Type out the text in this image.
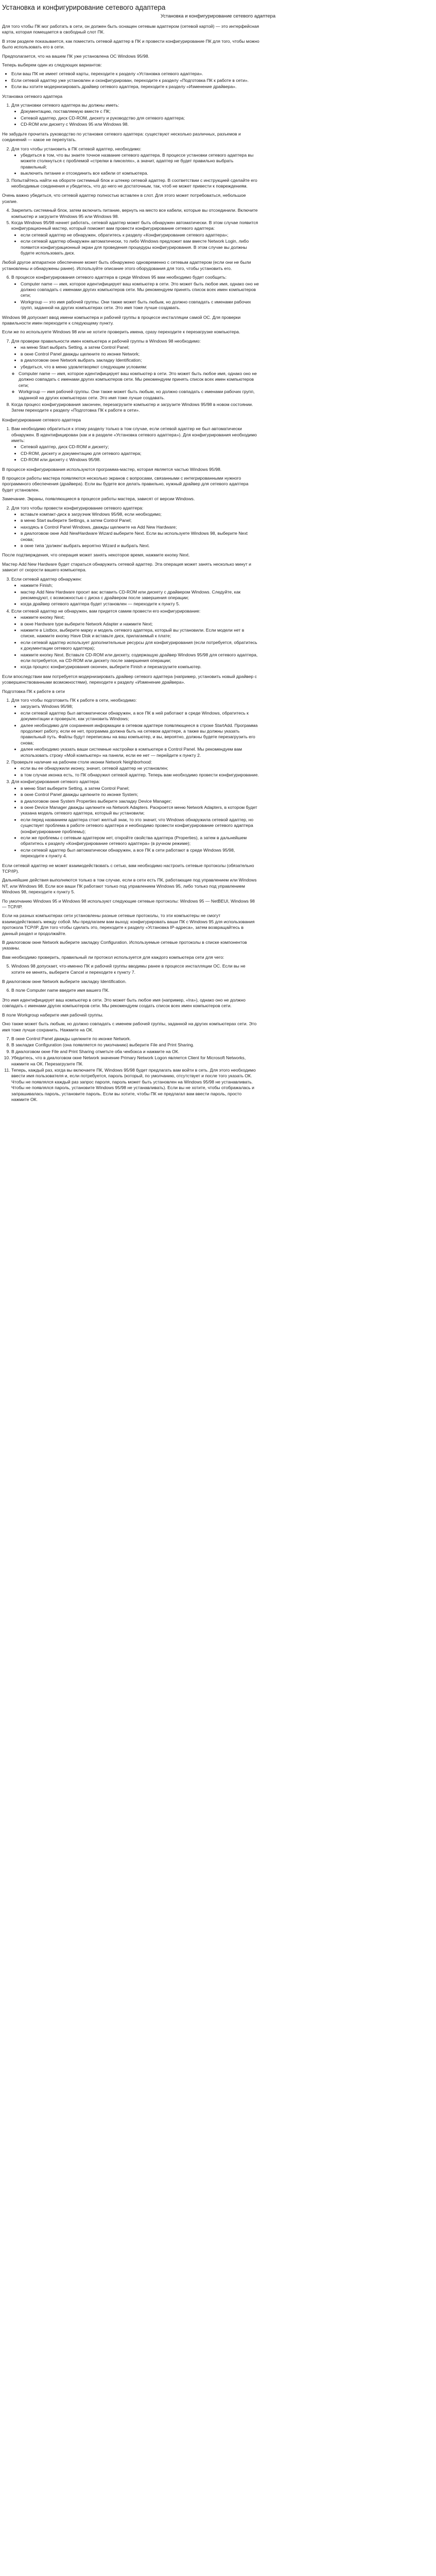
Установка и конфигурирование сетевого адаптера
Установка и конфигурирование сетевого адаптера
Для того чтобы ПК мог работать в сети, он должен быть оснащен сетевым адаптером (сетевой картой) — это интерфейсная карта, которая помещается в свободный слот ПК.
В этом разделе показывается, как поместить сетевой адаптер в ПК и провести конфигурирование ПК для того, чтобы можно было использовать его в сети.
Предполагается, что на вашем ПК уже установлена ОС Windows 95/98.
Теперь выберем один из следующих вариантов:
• Если ваш ПК не имеет сетевой карты, переходите к разделу «Установка сетевого адаптера».
• Если сетевой адаптер уже установлен и сконфигурирован, переходите к разделу «Подготовка ПК к работе в сети».
• Если вы хотите модернизировать драйвер сетевого адаптера, переходите к разделу «Изменение драйвера».
Установка сетевого адаптера
1. Для установки сетевого адаптера вы должны иметь:
• Документацию, поставляемую вместе с ПК;
• Сетевой адаптер, диск CD-ROM, дискету и руководство для сетевого адаптера;
• CD-ROM или дискету с Windows 95 или Windows 98.
Не забудьте прочитать руководство по установке сетевого адаптера: существуют несколько различных, разъемов и соединений — какое не перепутать.
2. Для того чтобы установить в ПК сетевой адаптер, необходимо:
• убедиться в том, что вы знаете точное название сетевого адаптера. В процессе установки сетевого адаптера вы можете столкнуться с проблемой «стрелки в пикселях», а значит, адаптер не будет правильно выбрать правильный;
• выключить питание и отсоединить все кабели от компьютера.
3. Попытайтесь найти на обороте системный блок и штекер сетевой адаптер. В соответствии с инструкцией сделайте его необходимые соединения и убедитесь, что до него не достаточным, так, чтоб не может привести к повреждениям.
Очень важно убедиться, что сетевой адаптер полностью вставлен в слот. Для этого может потребоваться, небольшое усилие.
4. Закрепить системный блок, затем включить питание, вернуть на место все кабели, которые вы отсоединили. Включите компьютер и загрузите Windows 95 или Windows 98.
5. Когда Windows 95/98 начнет работать, сетевой адаптер может быть обнаружен автоматически. В этом случае появится конфигурационный мастер, который поможет вам провести конфигурирование сетевого адаптера:
• если сетевой адаптер не обнаружен, обратитесь к разделу «Конфигурирование сетевого адаптера»;
• если сетевой адаптер обнаружен автоматически, то либо Windows предложит вам вместе Network Login, либо появится конфигурационный экран для проведения процедуры конфигурирования. В этом случае вы должны будете использовать диск.
Любой другое аппаратное обеспечение может быть обнаружено одновременно с сетевым адаптером (если они не были установлены и обнаружены ранее). Используйте описание этого оборудования для того, чтобы установить его.
6. В процессе конфигурирования сетевого адаптера в среде Windows 95 вам необходимо будет сообщить:
• Computer name — имя, которое идентифицирует ваш компьютер в сети. Это может быть любое имя, однако оно не должно совпадать с именами других компьютеров сети. Мы рекомендуем принять список всех имен компьютеров сети;
• Workgroup — это имя рабочей группы. Они также может быть любым, но должно совпадать с именами рабочих групп, заданной на других компьютерах сети. Это имя тоже лучше создавать.
Windows 98 допускает ввод имени компьютера и рабочей группы в процессе инсталляции самой ОС. Для проверки правильности имен переходите к следующему пункту.
Если же по используете Windows 98 или не хотите проверить имена, сразу переходите к перезагрузке компьютера.
7. Для проверки правильности имен компьютера и рабочей группы в Windows 98 необходимо:
• на меню Start выбрать Setting, а затем Control Panel;
• в окне Control Panel дважды щелкните по иконке Network;
• в диалоговом окне Network выбрать закладку Identification;
• убедиться, что в меню удовлетворяют следующим условиям:
◦ Computer name — имя, которое идентифицирует ваш компьютер в сети. Это может быть любое имя, однако оно не должно совпадать с именами других компьютеров сети. Мы рекомендуем принять список всех имен компьютеров сети;
◦ Workgroup — имя рабочей группы. Они также может быть любым, но должно совпадать с именами рабочих групп, заданной на других компьютерах сети. Это имя тоже лучше создавать.
8. Когда процесс конфигурирования закончен, перезагрузите компьютер и загрузите Windows 95/98 в новом состоянии. Затем переходите к разделу «Подготовка ПК к работе в сети».
Конфигурирование сетевого адаптера
1. Вам необходимо обратиться к этому разделу только в том случае, если сетевой адаптер не был автоматически обнаружен. В идентифицирован (как и в разделе «Установка сетевого адаптера»). Для конфигурирования необходимо иметь:
• Сетевой адаптер, диск CD-ROM и дискету;
• CD-ROM, дискету и документацию для сетевого адаптера;
• CD-ROM или дискету с Windows 95/98.
В процессе конфигурирования используются программа-мастер, которая является частью Windows 95/98.
В процессе работы мастера появляются несколько экранов с вопросами, связанными с интегрированными нужного программного обеспечения (драйвера). Если вы будете все делать правильно, нужный драйвер для сетевого адаптера будет установлен.
Замечание. Экраны, появляющиеся в процессе работы мастера, зависят от версии Windows.
2. Для того чтобы провести конфигурирование сетевого адаптера:
• вставьте компакт-диск в загрузчик Windows 95/98, если необходимо;
• в меню Start выберите Settings, а затем Control Panel;
• находясь в Control Panel Windows, дважды щелкните на Add New Hardware;
• в диалоговом окне Add NewHardware Wizard выберите Next. Если вы используете Windows 98, выберите Next снова;
• в окне типа 'должен' выбрать вероятно Wizard и выбрать Next.
После подтверждения, что операция может занять некоторое время, нажмите кнопку Next.
Мастер Add New Hardware будет стараться обнаружить сетевой адаптер. Эта операция может занять несколько минут и зависит от скорости вашего компьютера.
3. Если сетевой адаптер обнаружен:
• нажмите Finish;
• мастер Add New Hardware просит вас вставить CD-ROM или дискету с драйвером Windows. Следуйте, как рекомендуют, с возможностью с диска с драйвером после завершения операции;
• когда драйвер сетевого адаптера будет установлен — переходите к пункту 5.
4. Если сетевой адаптер не обнаружен, вам придется самим провести его конфигурирование:
• нажмите кнопку Next;
• в окне Hardware type выберите Network Adapter и нажмите Next;
• нажмите в Listbox, выберите марку и модель сетевого адаптера, который вы установили. Если модели нет в списке, нажмите кнопку Have Disk и вставьте диск, прилагаемый к плате;
• если сетевой адаптер использует дополнительные ресурсы для конфигурирования (если потребуется, обратитесь к документации сетевого адаптера);
• нажмите кнопку Next. Вставьте CD-ROM или дискету, содержащую драйвер Windows 95/98 для сетевого адаптера, если потребуется, на CD-ROM или дискету после завершения операции;
• когда процесс конфигурирования окончен, выберите Finish и перезагрузите компьютер.
Если впоследствии вам потребуется модернизировать драйвер сетевого адаптера (например, установить новый драйвер с усовершенствованными возможностями), переходите к разделу «Изменение драйвера».
Подготовка ПК к работе в сети
1. Для того чтобы подготовить ПК к работе в сети, необходимо:
• загрузить Windows 95/98;
• если сетевой адаптер был автоматически обнаружен, а все ПК в ней работают в среде Windows, обратитесь к документации и проверьте, как установить Windows;
• далее необходимо для сохранения информации в сетевом адаптере появляющееся в строке StartAdd. Программа продолжит работу, если ее нет, программа должна быть на сетевом адаптере, а также вы должны указать правильный путь. Файлы будут переписаны на ваш компьютер, и вы, вероятно, должны будете перезагрузить его снова;
• далее необходимо указать ваши системные настройки в компьютере в Control Panel. Мы рекомендуем вам использовать строку «Мой компьютер» на панели, если ее нет — перейдите к пункту 2.
2. Проверьте наличие на рабочем столе иконки Network Neighborhood:
• если вы ее обнаружили иконку, значит, сетевой адаптер не установлен;
• в том случае иконка есть, то ПК обнаружил сетевой адаптер. Теперь вам необходимо провести конфигурирование.
3. Для конфигурирования сетевого адаптера:
• в меню Start выберите Setting, а затем Control Panel;
• в окне Control Panel дважды щелкните по иконке System;
• в диалоговом окне System Properties выберите закладку Device Manager;
• в окне Device Manager дважды щелкните на Network Adapters. Раскроется меню Network Adapters, в котором будет указана модель сетевого адаптера, который вы установили;
• если перед названием адаптера стоит желтый знак, то это значит, что Windows обнаружила сетевой адаптер, но существует проблема в работе сетевого адаптера и необходимо провести конфигурирование сетевого адаптера (конфигурирование проблемы);
• если же проблемы с сетевым адаптером нет, откройте свойства адаптера (Properties), а затем в дальнейшем обратитесь к разделу «Конфигурирование сетевого адаптера» (в ручном режиме);
• если сетевой адаптер был автоматически обнаружен, а все ПК в сети работают в среде Windows 95/98, переходите к пункту 4.
Если сетевой адаптер не может взаимодействовать с сетью, вам необходимо настроить сетевые протоколы (обязательно TCP/IP).
Дальнейшие действия выполняются только в том случае, если в сети есть ПК, работающие под управлением или Windows NT, или Windows 98. Если все ваши ПК работают только под управлением Windows 95, либо только под управлением Windows 98, переходите к пункту 5.
По умолчанию Windows 95 и Windows 98 используют следующие сетевые протоколы: Windows 95 — NetBEUI, Windows 98 — TCP/IP.
Если на разных компьютерах сети установлены разные сетевые протоколы, то эти компьютеры не смогут взаимодействовать между собой. Мы предлагаем вам выход: конфигурировать ваши ПК с Windows 95 для использования протокола TCP/IP. Для того чтобы сделать это, переходите к разделу «Установка IP-адреса», затем возвращайтесь в данный раздел и продолжайте.
В диалоговом окне Network выберите закладку Configuration. Используемые сетевые протоколы в списке компонентов указаны.
Вам необходимо проверить, правильный ли протокол используется для каждого компьютера сети для чего:
5. Windows 98 допускает, что-именно ПК и рабочей группы вводимы ранее в процессе инсталляции ОС. Если вы не хотите ее менять, выберите Cancel и переходите к пункту 7.
В диалоговом окне Network выберите закладку Identification.
6. В поле Computer name введите имя вашего ПК.
Это имя идентифицирует ваш компьютер в сети. Это может быть любое имя (например, «Ira»), однако оно не должно совпадать с именами других компьютеров сети. Мы рекомендуем создать список всех имен компьютеров сети.
В поле Workgroup наберите имя рабочей группы.
Оно также может быть любым, но должно совпадать с именем рабочей группы, заданной на других компьютерах сети. Это имя тоже лучше сохранить. Нажмите на ОК.
7. В окне Control Panel дважды щелкните по иконке Network.
8. В закладке Configuration (она появляется по умолчанию) выберите File and Print Sharing.
9. В диалоговом окне File and Print Sharing отметьте оба чекбокса и нажмите на ОК.
10. Убедитесь, что в диалоговом окне Network значение Primary Network Logon является Client for Microsoft Networks, нажмите на ОК. Перезагрузите ПК.
11. Теперь, каждый раз, когда вы включаете ПК, Windows 95/98 будет предлагать вам войти в сеть. Для этого необходимо ввести имя пользователя и, если потребуется, пароль (который, по умолчанию, отсутствует и после того указать ОК. Чтобы не появлялся каждый раз запрос пароля, пароль может быть установлен на Windows 95/98 не устанавливать. Чтобы не появлялся пароль, установите Windows 95/98 не устанавливать). Если вы не хотите, чтобы отображалась и запрашивалась пароль, установите пароль. Если вы хотите, чтобы ПК не предлагал вам ввести пароль, просто нажмите ОК.
